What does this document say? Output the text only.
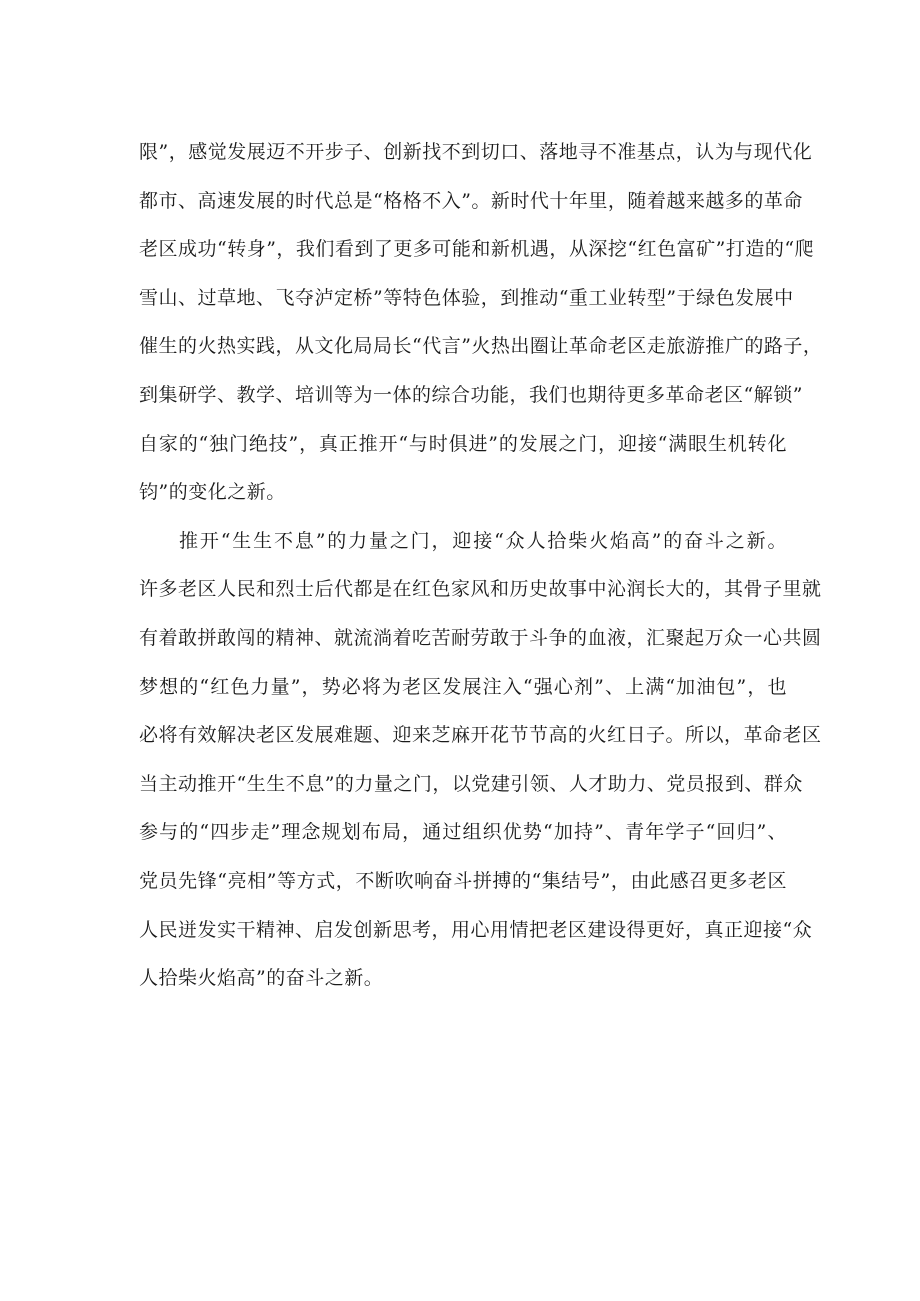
限”，感觉发展迈不开步子、创新找不到切口、落地寻不准基点，认为与现代化
都市、高速发展的时代总是“格格不入”。新时代十年里，随着越来越多的革命
老区成功“转身”，我们看到了更多可能和新机遇，从深挖“红色富矿”打造的“爬
雪山、过草地、飞夺泸定桥”等特色体验，到推动“重工业转型”于绿色发展中
催生的火热实践，从文化局局长“代言”火热出圈让革命老区走旅游推广的路子，
到集研学、教学、培训等为一体的综合功能，我们也期待更多革命老区“解锁”
自家的“独门绝技”，真正推开“与时俱进”的发展之门，迎接“满眼生机转化
钧”的变化之新。
推开“生生不息”的力量之门，迎接“众人拾柴火焰高”的奋斗之新。
许多老区人民和烈士后代都是在红色家风和历史故事中沁润长大的，其骨子里就
有着敢拼敢闯的精神、就流淌着吃苦耐劳敢于斗争的血液，汇聚起万众一心共圆
梦想的“红色力量”，势必将为老区发展注入“强心剂”、上满“加油包”，也
必将有效解决老区发展难题、迎来芝麻开花节节高的火红日子。所以，革命老区
当主动推开“生生不息”的力量之门，以党建引领、人才助力、党员报到、群众
参与的“四步走”理念规划布局，通过组织优势“加持”、青年学子“回归”、
党员先锋“亮相”等方式，不断吹响奋斗拼搏的“集结号”，由此感召更多老区
人民迸发实干精神、启发创新思考，用心用情把老区建设得更好，真正迎接“众
人拾柴火焰高”的奋斗之新。
